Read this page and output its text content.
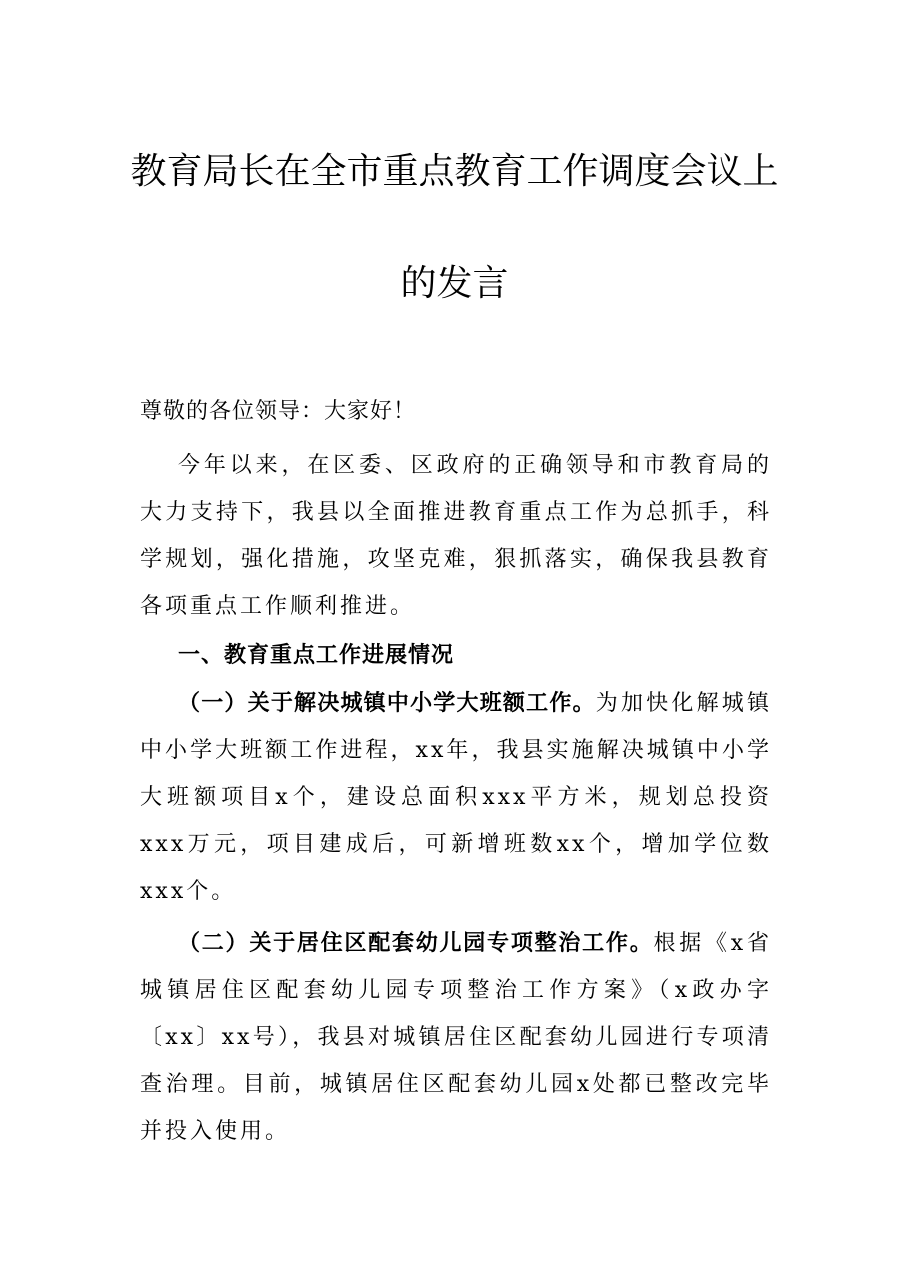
教育局长在全市重点教育工作调度会议上
的发言
尊敬的各位领导：大家好！
今年以来，在区委、区政府的正确领导和市教育局的大力支持下，我县以全面推进教育重点工作为总抓手，科学规划，强化措施，攻坚克难，狠抓落实，确保我县教育各项重点工作顺利推进。
一、教育重点工作进展情况
（一）关于解决城镇中小学大班额工作。为加快化解城镇中小学大班额工作进程，xx年，我县实施解决城镇中小学大班额项目x个，建设总面积xxx平方米，规划总投资xxx万元，项目建成后，可新增班数xx个，增加学位数xxx个。
（二）关于居住区配套幼儿园专项整治工作。根据《x省城镇居住区配套幼儿园专项整治工作方案》（x政办字〔xx〕xx号），我县对城镇居住区配套幼儿园进行专项清查治理。目前，城镇居住区配套幼儿园x处都已整改完毕并投入使用。
